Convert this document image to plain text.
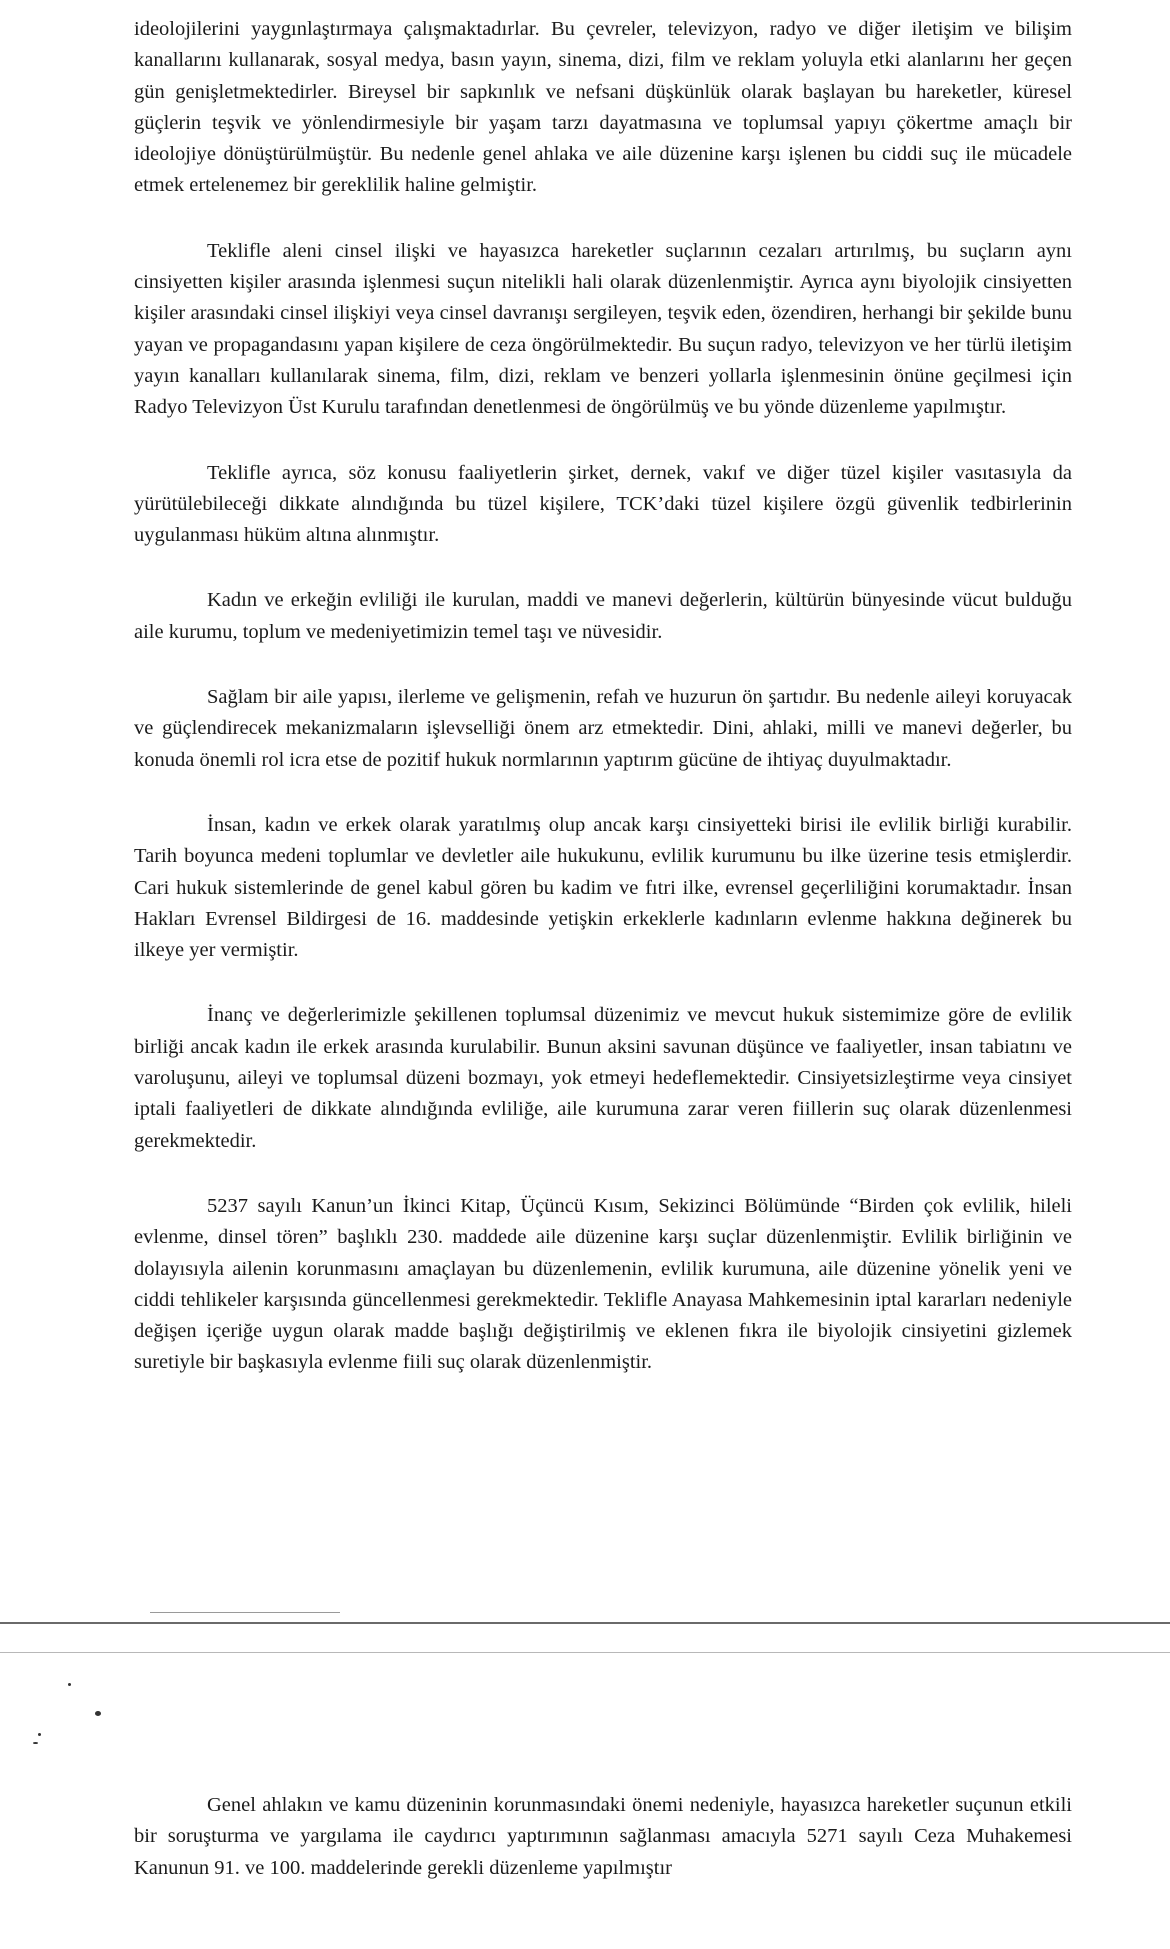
ideolojilerini yaygınlaştırmaya çalışmaktadırlar. Bu çevreler, televizyon, radyo ve diğer iletişim ve bilişim kanallarını kullanarak, sosyal medya, basın yayın, sinema, dizi, film ve reklam yoluyla etki alanlarını her geçen gün genişletmektedirler. Bireysel bir sapkınlık ve nefsani düşkünlük olarak başlayan bu hareketler, küresel güçlerin teşvik ve yönlendirmesiyle bir yaşam tarzı dayatmasına ve toplumsal yapıyı çökertme amaçlı bir ideolojiye dönüştürülmüştür. Bu nedenle genel ahlaka ve aile düzenine karşı işlenen bu ciddi suç ile mücadele etmek ertelenemez bir gereklilik haline gelmiştir.

Teklifle aleni cinsel ilişki ve hayasızca hareketler suçlarının cezaları artırılmış, bu suçların aynı cinsiyetten kişiler arasında işlenmesi suçun nitelikli hali olarak düzenlenmiştir. Ayrıca aynı biyolojik cinsiyetten kişiler arasındaki cinsel ilişkiyi veya cinsel davranışı sergileyen, teşvik eden, özendiren, herhangi bir şekilde bunu yayan ve propagandasını yapan kişilere de ceza öngörülmektedir. Bu suçun radyo, televizyon ve her türlü iletişim yayın kanalları kullanılarak sinema, film, dizi, reklam ve benzeri yollarla işlenmesinin önüne geçilmesi için Radyo Televizyon Üst Kurulu tarafından denetlenmesi de öngörülmüş ve bu yönde düzenleme yapılmıştır.

Teklifle ayrıca, söz konusu faaliyetlerin şirket, dernek, vakıf ve diğer tüzel kişiler vasıtasıyla da yürütülebileceği dikkate alındığında bu tüzel kişilere, TCK’daki tüzel kişilere özgü güvenlik tedbirlerinin uygulanması hüküm altına alınmıştır.

Kadın ve erkeğin evliliği ile kurulan, maddi ve manevi değerlerin, kültürün bünyesinde vücut bulduğu aile kurumu, toplum ve medeniyetimizin temel taşı ve nüvesidir.

Sağlam bir aile yapısı, ilerleme ve gelişmenin, refah ve huzurun ön şartıdır. Bu nedenle aileyi koruyacak ve güçlendirecek mekanizmaların işlevselliği önem arz etmektedir. Dini, ahlaki, milli ve manevi değerler, bu konuda önemli rol icra etse de pozitif hukuk normlarının yaptırım gücüne de ihtiyaç duyulmaktadır.

İnsan, kadın ve erkek olarak yaratılmış olup ancak karşı cinsiyetteki birisi ile evlilik birliği kurabilir. Tarih boyunca medeni toplumlar ve devletler aile hukukunu, evlilik kurumunu bu ilke üzerine tesis etmişlerdir. Cari hukuk sistemlerinde de genel kabul gören bu kadim ve fıtri ilke, evrensel geçerliliğini korumaktadır. İnsan Hakları Evrensel Bildirgesi de 16. maddesinde yetişkin erkeklerle kadınların evlenme hakkına değinerek bu ilkeye yer vermiştir.

İnanç ve değerlerimizle şekillenen toplumsal düzenimiz ve mevcut hukuk sistemimize göre de evlilik birliği ancak kadın ile erkek arasında kurulabilir. Bunun aksini savunan düşünce ve faaliyetler, insan tabiatını ve varoluşunu, aileyi ve toplumsal düzeni bozmayı, yok etmeyi hedeflemektedir. Cinsiyetsizleştirme veya cinsiyet iptali faaliyetleri de dikkate alındığında evliliğe, aile kurumuna zarar veren fiillerin suç olarak düzenlenmesi gerekmektedir.

5237 sayılı Kanun’un İkinci Kitap, Üçüncü Kısım, Sekizinci Bölümünde “Birden çok evlilik, hileli evlenme, dinsel tören” başlıklı 230. maddede aile düzenine karşı suçlar düzenlenmiştir. Evlilik birliğinin ve dolayısıyla ailenin korunmasını amaçlayan bu düzenlemenin, evlilik kurumuna, aile düzenine yönelik yeni ve ciddi tehlikeler karşısında güncellenmesi gerekmektedir. Teklifle Anayasa Mahkemesinin iptal kararları nedeniyle değişen içeriğe uygun olarak madde başlığı değiştirilmiş ve eklenen fıkra ile biyolojik cinsiyetini gizlemek suretiyle bir başkasıyla evlenme fiili suç olarak düzenlenmiştir.

Genel ahlakın ve kamu düzeninin korunmasındaki önemi nedeniyle, hayasızca hareketler suçunun etkili bir soruşturma ve yargılama ile caydırıcı yaptırımının sağlanması amacıyla 5271 sayılı Ceza Muhakemesi Kanunun 91. ve 100. maddelerinde gerekli düzenleme yapılmıştır
